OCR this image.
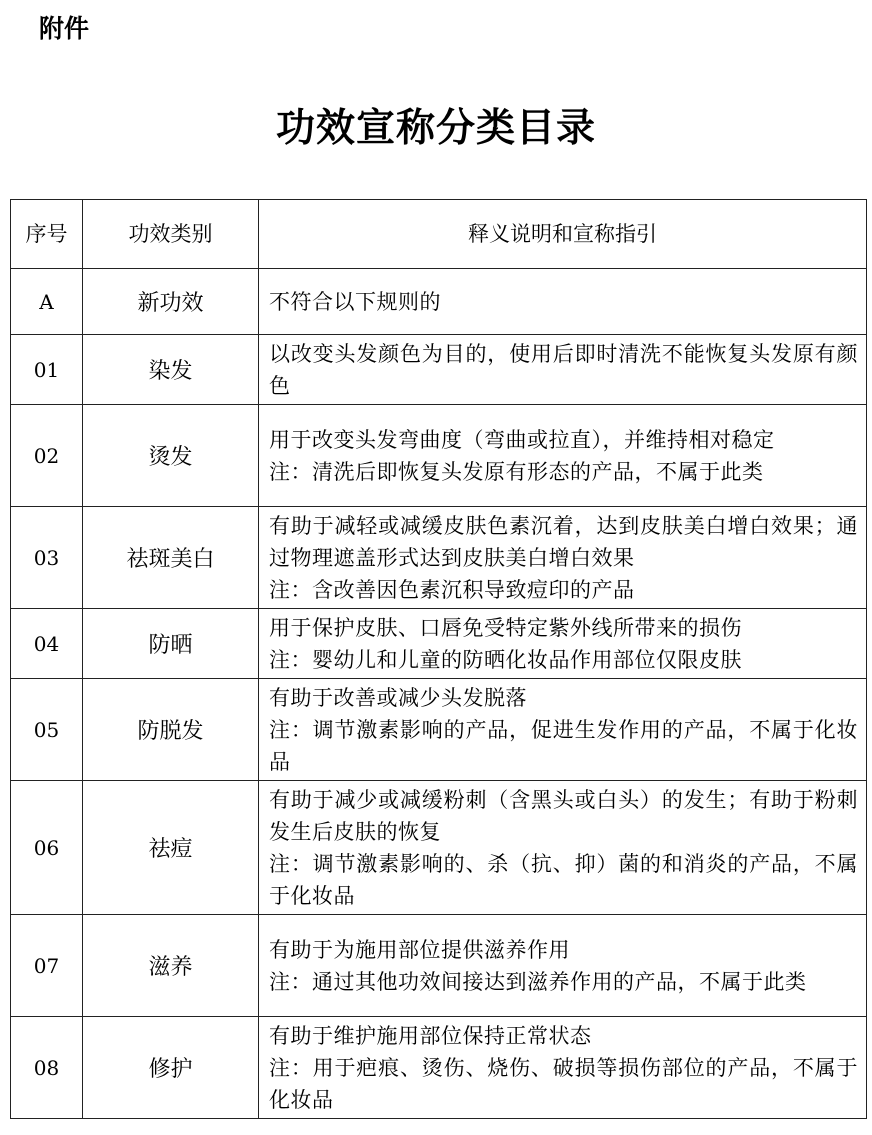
附件
功效宣称分类目录
序号	功效类别	释义说明和宣称指引
A	新功效	不符合以下规则的

01	染发	以改变头发颜色为目的，使用后即时清洗不能恢复头发原有颜色

02	烫发	用于改变头发弯曲度（弯曲或拉直），并维持相对稳定
注：清洗后即恢复头发原有形态的产品，不属于此类

03	祛斑美白	有助于减轻或减缓皮肤色素沉着，达到皮肤美白增白效果；通过物理遮盖形式达到皮肤美白增白效果
注：含改善因色素沉积导致痘印的产品

04	防晒	用于保护皮肤、口唇免受特定紫外线所带来的损伤
注：婴幼儿和儿童的防晒化妆品作用部位仅限皮肤

05	防脱发	有助于改善或减少头发脱落
注：调节激素影响的产品，促进生发作用的产品，不属于化妆品

06	祛痘	有助于减少或减缓粉刺（含黑头或白头）的发生；有助于粉刺发生后皮肤的恢复
注：调节激素影响的、杀（抗、抑）菌的和消炎的产品，不属于化妆品

07	滋养	有助于为施用部位提供滋养作用
注：通过其他功效间接达到滋养作用的产品，不属于此类

08	修护	有助于维护施用部位保持正常状态
注：用于疤痕、烫伤、烧伤、破损等损伤部位的产品，不属于化妆品
